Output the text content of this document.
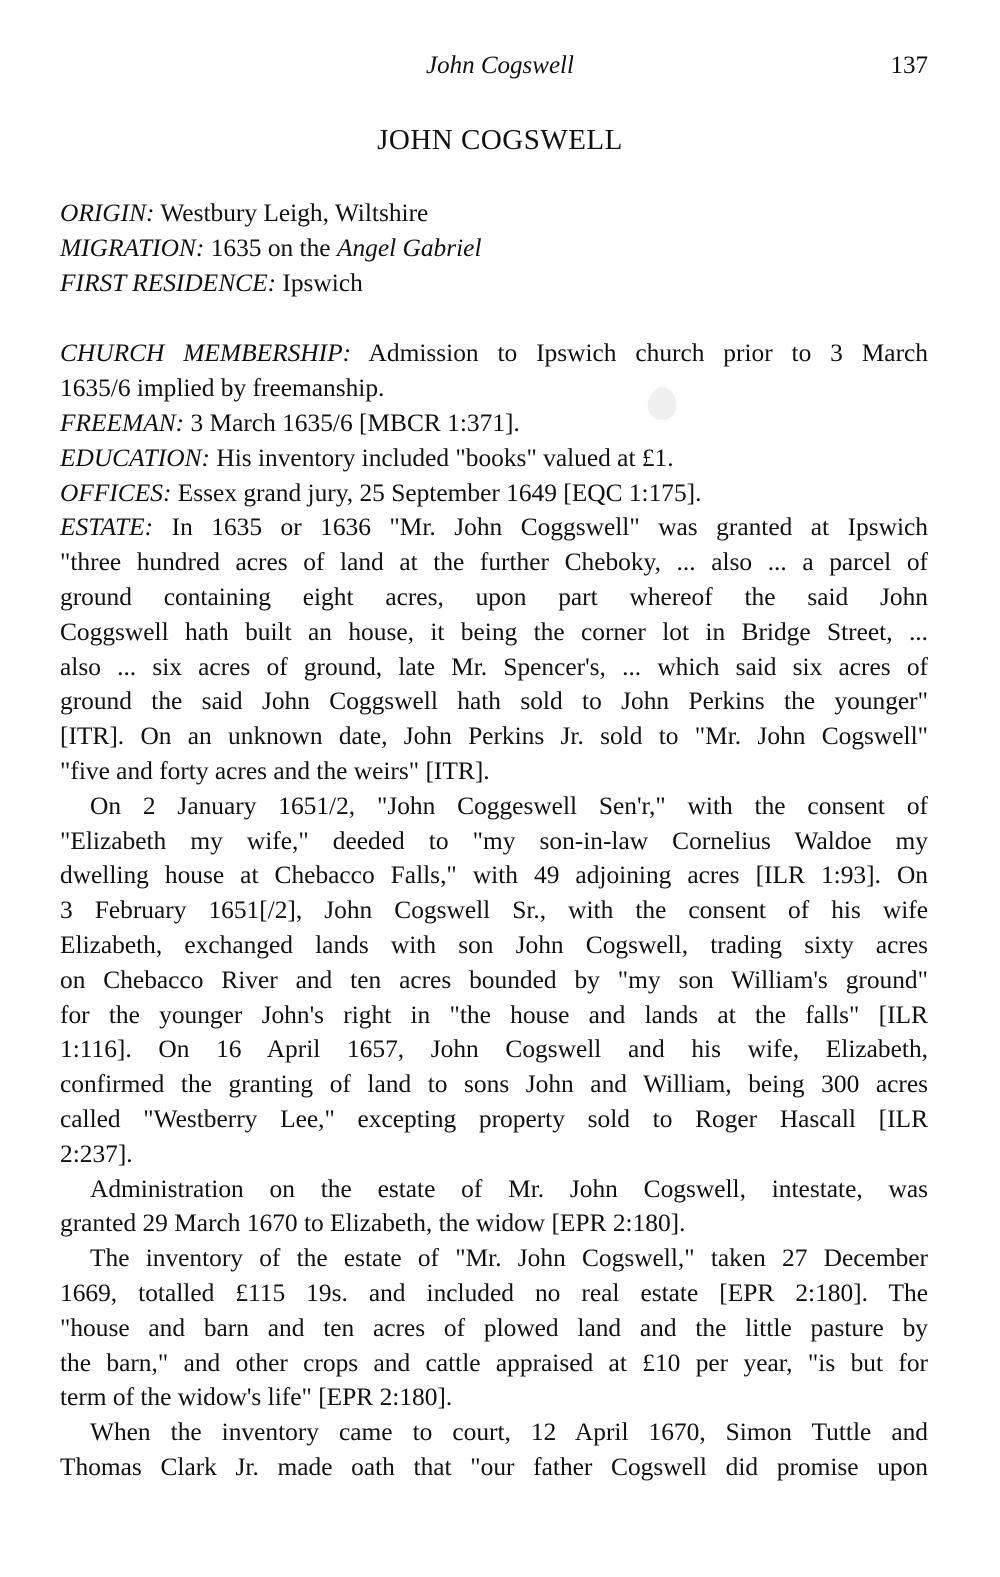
John Cogswell	137
JOHN COGSWELL
ORIGIN: Westbury Leigh, Wiltshire
MIGRATION: 1635 on the Angel Gabriel
FIRST RESIDENCE: Ipswich
CHURCH MEMBERSHIP: Admission to Ipswich church prior to 3 March
1635/6 implied by freemanship.
FREEMAN: 3 March 1635/6 [MBCR 1:371].
EDUCATION: His inventory included "books" valued at £1.
OFFICES: Essex grand jury, 25 September 1649 [EQC 1:175].
ESTATE: In 1635 or 1636 "Mr. John Coggswell" was granted at Ipswich
"three hundred acres of land at the further Cheboky, ... also ... a parcel of
ground containing eight acres, upon part whereof the said John
Coggswell hath built an house, it being the corner lot in Bridge Street, ...
also ... six acres of ground, late Mr. Spencer's, ... which said six acres of
ground the said John Coggswell hath sold to John Perkins the younger"
[ITR]. On an unknown date, John Perkins Jr. sold to "Mr. John Cogswell"
"five and forty acres and the weirs" [ITR].
On 2 January 1651/2, "John Coggeswell Sen'r," with the consent of
"Elizabeth my wife," deeded to "my son-in-law Cornelius Waldoe my
dwelling house at Chebacco Falls," with 49 adjoining acres [ILR 1:93]. On
3 February 1651[/2], John Cogswell Sr., with the consent of his wife
Elizabeth, exchanged lands with son John Cogswell, trading sixty acres
on Chebacco River and ten acres bounded by "my son William's ground"
for the younger John's right in "the house and lands at the falls" [ILR
1:116]. On 16 April 1657, John Cogswell and his wife, Elizabeth,
confirmed the granting of land to sons John and William, being 300 acres
called "Westberry Lee," excepting property sold to Roger Hascall [ILR
2:237].
Administration on the estate of Mr. John Cogswell, intestate, was
granted 29 March 1670 to Elizabeth, the widow [EPR 2:180].
The inventory of the estate of "Mr. John Cogswell," taken 27 December
1669, totalled £115 19s. and included no real estate [EPR 2:180]. The
"house and barn and ten acres of plowed land and the little pasture by
the barn," and other crops and cattle appraised at £10 per year, "is but for
term of the widow's life" [EPR 2:180].
When the inventory came to court, 12 April 1670, Simon Tuttle and
Thomas Clark Jr. made oath that "our father Cogswell did promise upon
